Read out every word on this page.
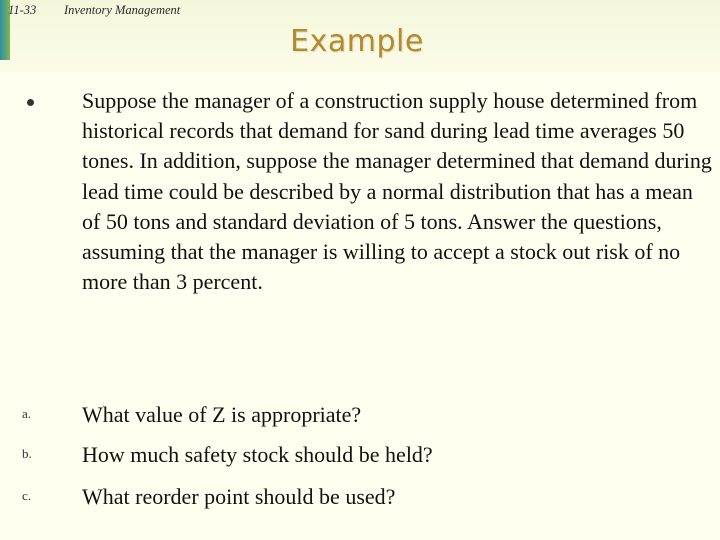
11-33 Inventory Management
Example
Suppose the manager of a construction supply house determined from historical records that demand for sand during lead time averages 50 tones. In addition, suppose the manager determined that demand during lead time could be described by a normal distribution that has a mean of 50 tons and standard deviation of 5 tons. Answer the questions, assuming that the manager is willing to accept a stock out risk of no more than 3 percent.
a.	What value of Z is appropriate?
b.	How much safety stock should be held?
c.	What reorder point should be used?
